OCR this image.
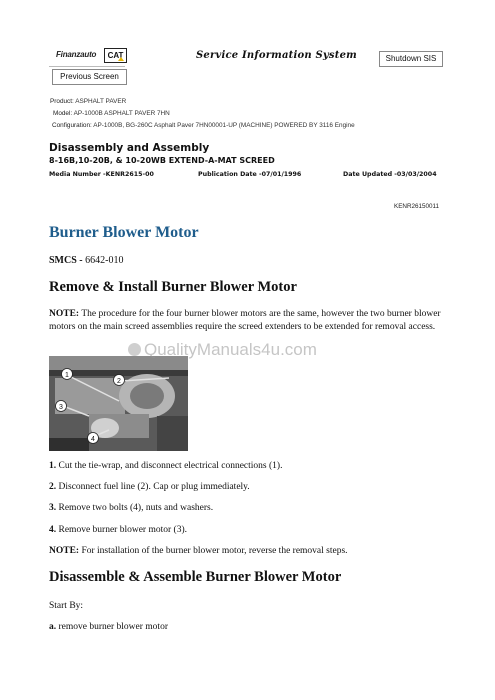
Finanzauto	CAT	Service Information System	Shutdown SIS
Previous Screen
Product: ASPHALT PAVER
Model: AP-1000B ASPHALT PAVER 7HN
Configuration: AP-1000B, BG-260C Asphalt Paver 7HN00001-UP (MACHINE) POWERED BY 3116 Engine
Disassembly and Assembly
8-16B,10-20B, & 10-20WB EXTEND-A-MAT SCREED
Media Number -KENR2615-00	Publication Date -07/01/1996	Date Updated -03/03/2004
KENR26150011
Burner Blower Motor
SMCS - 6642-010
Remove & Install Burner Blower Motor
NOTE: The procedure for the four burner blower motors are the same, however the two burner blower motors on the main screed assemblies require the screed extenders to be extended for removal access.
1
2
3
4
QualityManuals4u.com
1. Cut the tie-wrap, and disconnect electrical connections (1).
2. Disconnect fuel line (2). Cap or plug immediately.
3. Remove two bolts (4), nuts and washers.
4. Remove burner blower motor (3).
NOTE: For installation of the burner blower motor, reverse the removal steps.
Disassemble & Assemble Burner Blower Motor
Start By:
a. remove burner blower motor
